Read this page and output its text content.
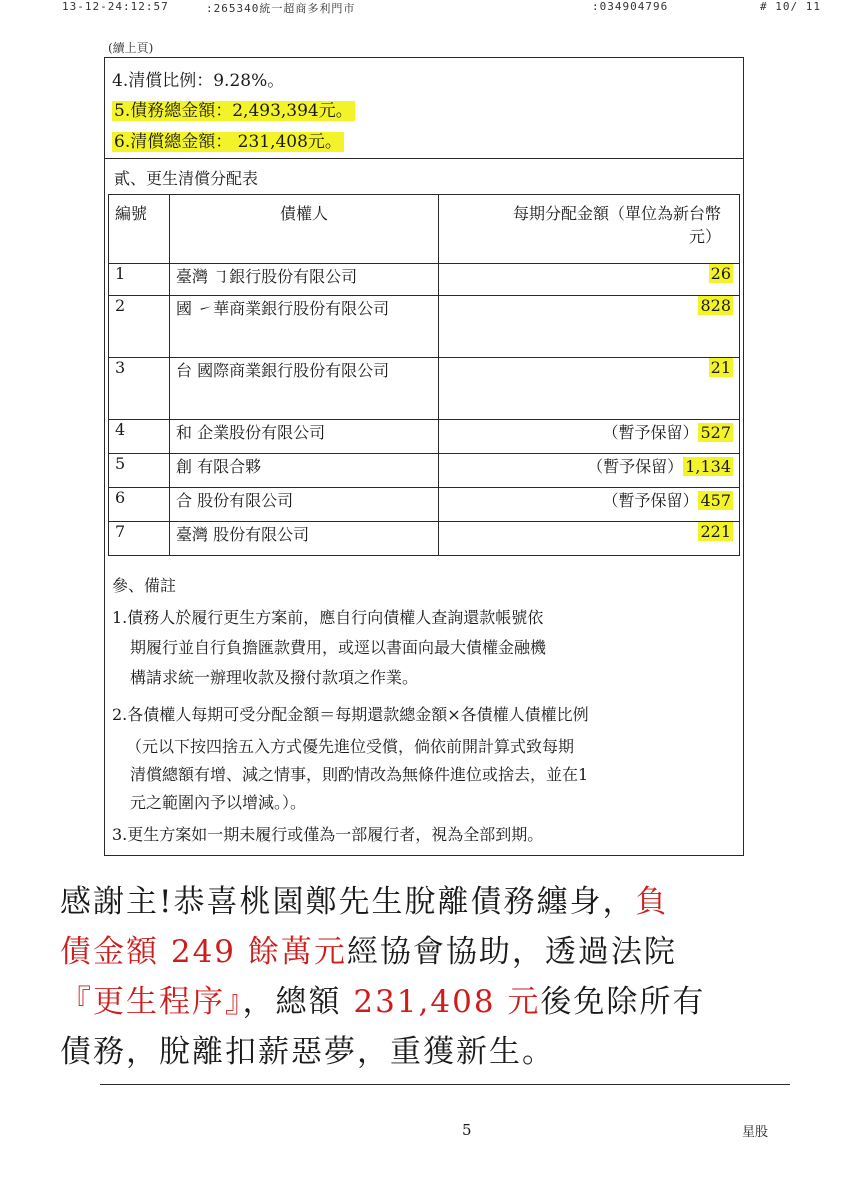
13-12-24:12:57	:265340統一超商多利門市	:034904796	# 10/ 11
(續上頁)
4.清償比例：9.28%。
5.債務總金額：2,493,394元。
6.清償總金額： 231,408元。
貳、更生清償分配表
編號	債權人	每期分配金額（單位為新台幣元）
1	臺灣 ㇆銀行股份有限公司	26
2	國 ㇀華商業銀行股份有限公司	828
3	台 國際商業銀行股份有限公司	21
4	和 企業股份有限公司	（暫予保留） 527
5	創 有限合夥	（暫予保留） 1,134
6	合 股份有限公司	（暫予保留） 457
7	臺灣 股份有限公司	221
參、備註
1.債務人於履行更生方案前，應自行向債權人查詢還款帳號依
期履行並自行負擔匯款費用，或逕以書面向最大債權金融機
構請求統一辦理收款及撥付款項之作業。
2.各債權人每期可受分配金額＝每期還款總金額×各債權人債權比例
（元以下按四捨五入方式優先進位受償，倘依前開計算式致每期
清償總額有增、減之情事，則酌情改為無條件進位或捨去，並在1
元之範圍內予以增減。）。
3.更生方案如一期未履行或僅為一部履行者，視為全部到期。
感謝主!恭喜桃園鄭先生脫離債務纏身，負
債金額 249 餘萬元經協會協助，透過法院
『更生程序』，總額 231,408 元後免除所有
債務，脫離扣薪惡夢，重獲新生。
5	星股
